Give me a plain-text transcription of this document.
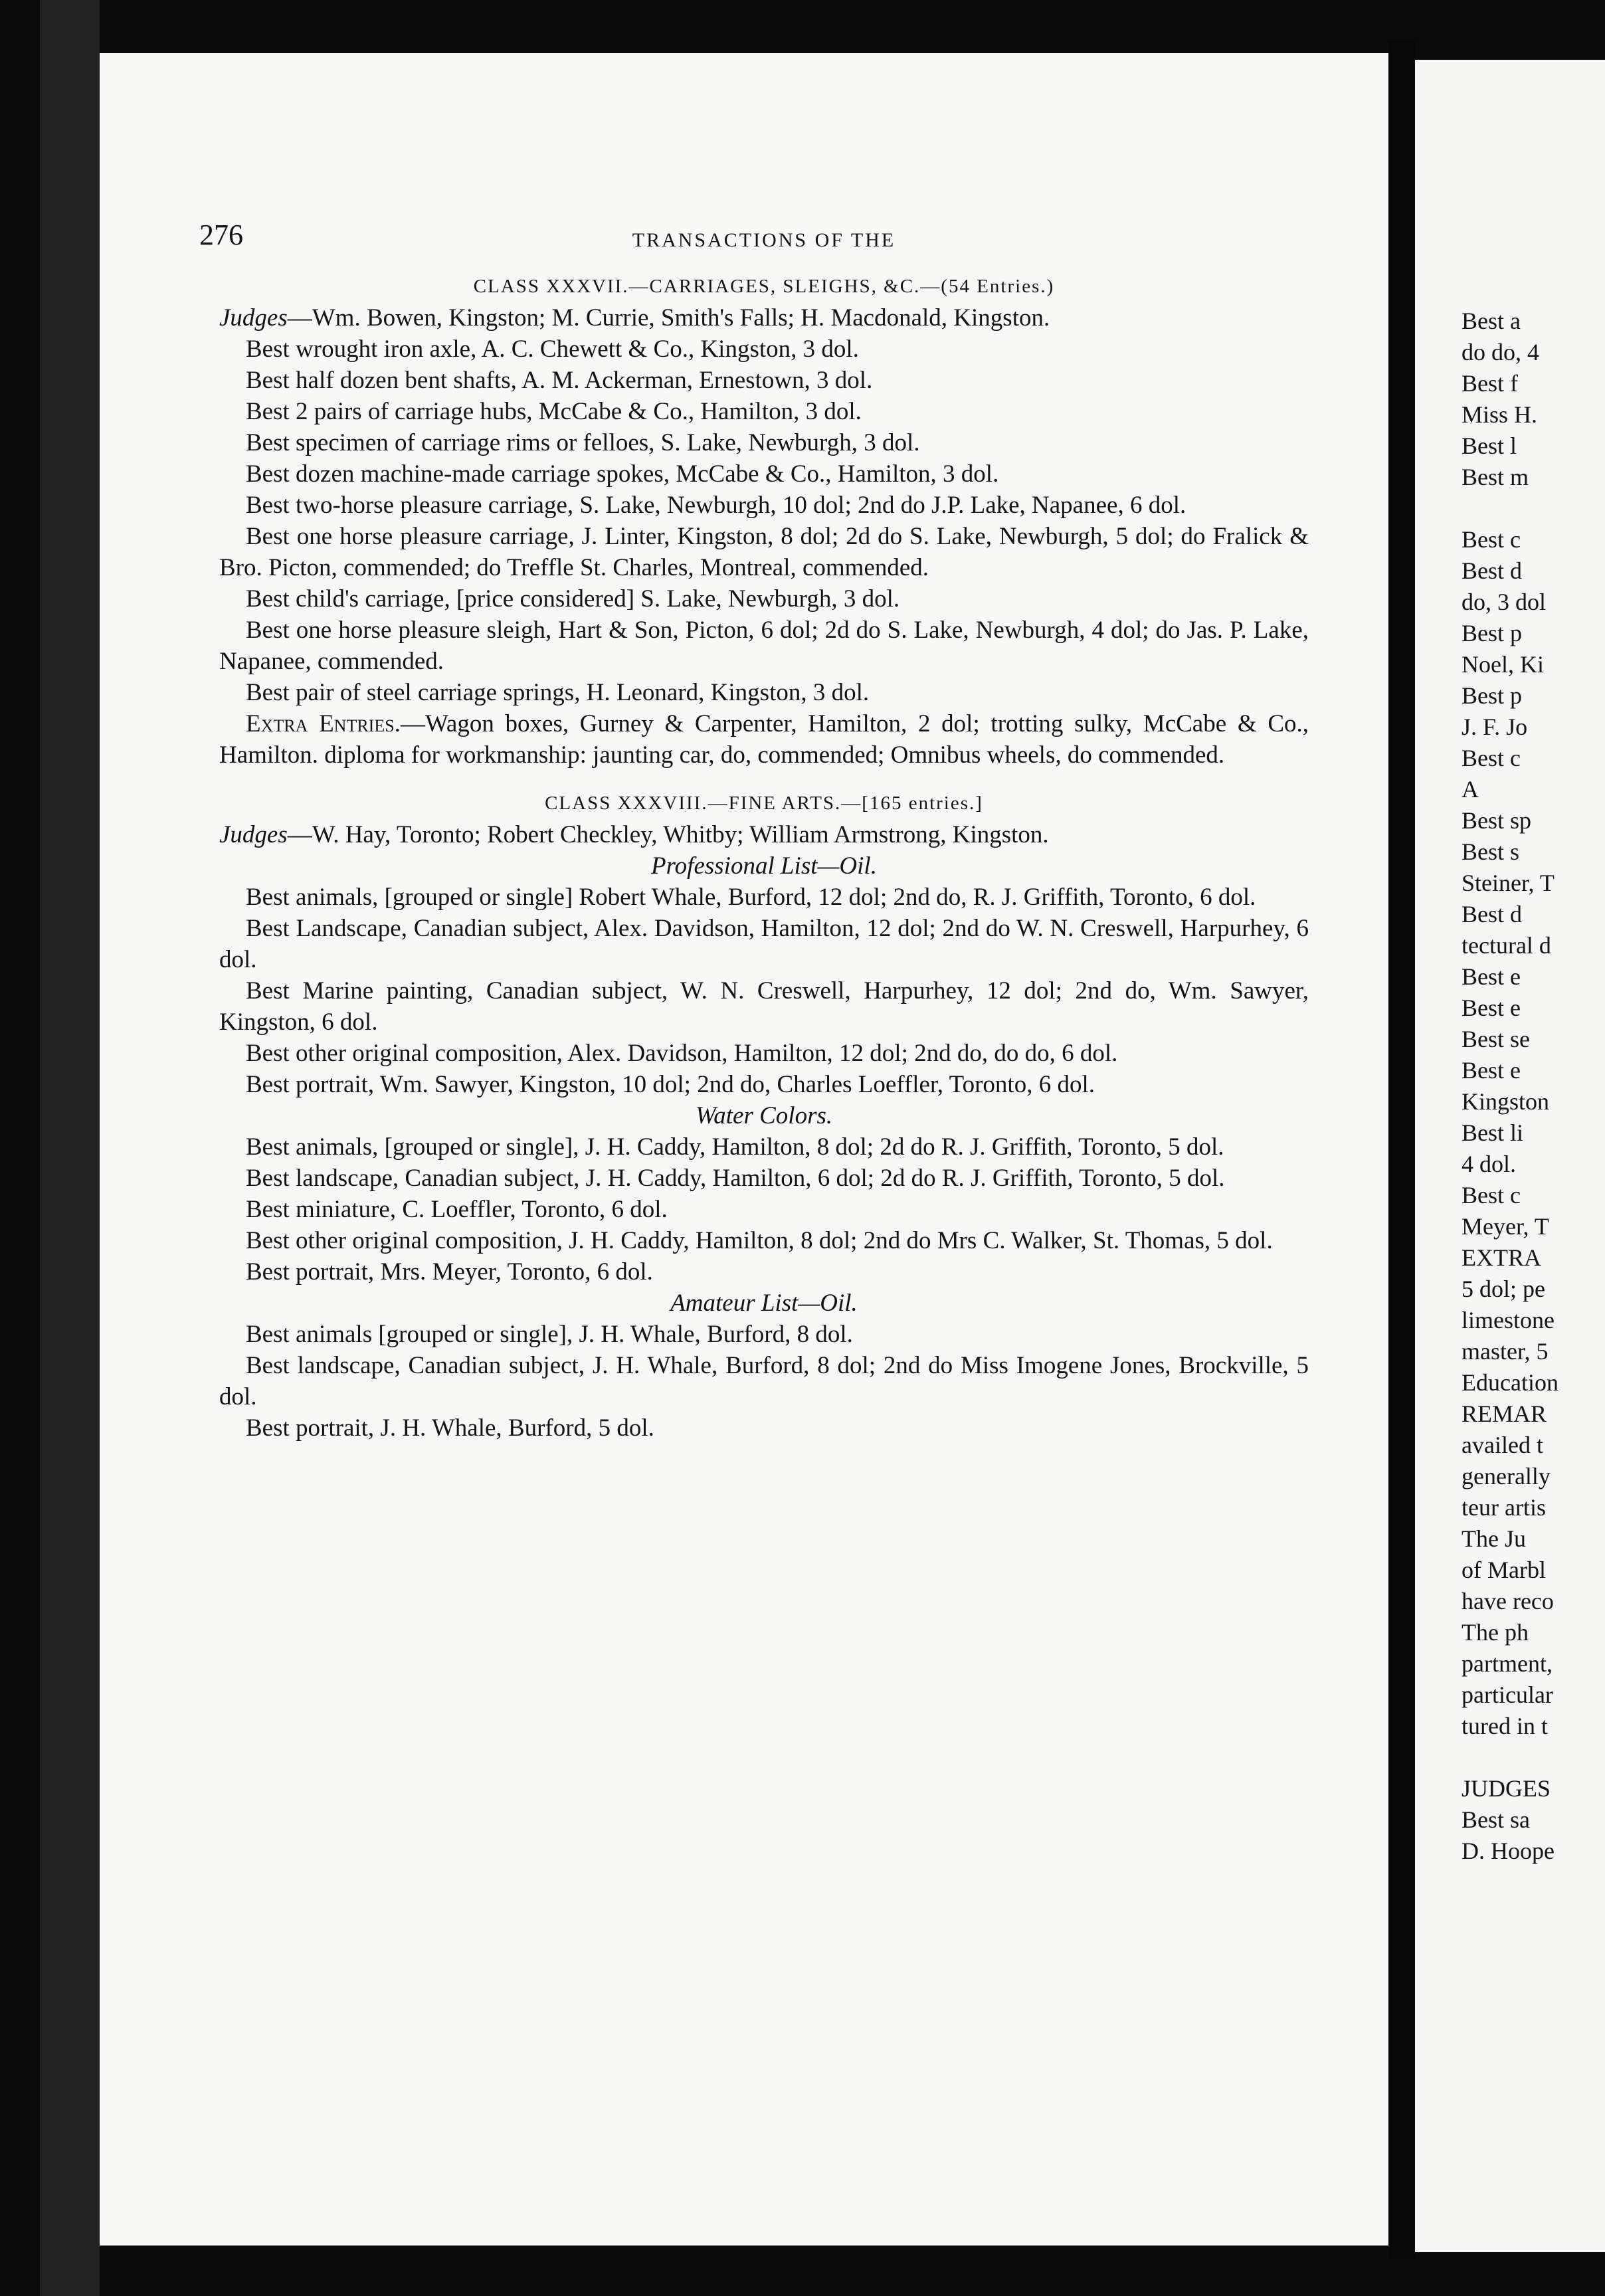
276	TRANSACTIONS OF THE

CLASS XXXVII.—CARRIAGES, SLEIGHS, &C.—(54 Entries.)

Judges—Wm. Bowen, Kingston; M. Currie, Smith's Falls; H. Macdonald, Kingston.

Best wrought iron axle, A. C. Chewett & Co., Kingston, 3 dol.

Best half dozen bent shafts, A. M. Ackerman, Ernestown, 3 dol.

Best 2 pairs of carriage hubs, McCabe & Co., Hamilton, 3 dol.

Best specimen of carriage rims or felloes, S. Lake, Newburgh, 3 dol.

Best dozen machine-made carriage spokes, McCabe & Co., Hamilton, 3 dol.

Best two-horse pleasure carriage, S. Lake, Newburgh, 10 dol; 2nd do J.P. Lake, Napanee, 6 dol.

Best one horse pleasure carriage, J. Linter, Kingston, 8 dol; 2d do S. Lake, Newburgh, 5 dol; do Fralick & Bro. Picton, commended; do Treffle St. Charles, Montreal, commended.

Best child's carriage, [price considered] S. Lake, Newburgh, 3 dol.

Best one horse pleasure sleigh, Hart & Son, Picton, 6 dol; 2d do S. Lake, Newburgh, 4 dol; do Jas. P. Lake, Napanee, commended.

Best pair of steel carriage springs, H. Leonard, Kingston, 3 dol.

Extra Entries.—Wagon boxes, Gurney & Carpenter, Hamilton, 2 dol; trotting sulky, McCabe & Co., Hamilton. diploma for workmanship: jaunting car, do, commended; Omnibus wheels, do commended.

CLASS XXXVIII.—FINE ARTS.—[165 entries.]

Judges—W. Hay, Toronto; Robert Checkley, Whitby; William Armstrong, Kingston.

Professional List—Oil.

Best animals, [grouped or single] Robert Whale, Burford, 12 dol; 2nd do, R. J. Griffith, Toronto, 6 dol.

Best Landscape, Canadian subject, Alex. Davidson, Hamilton, 12 dol; 2nd do W. N. Creswell, Harpurhey, 6 dol.

Best Marine painting, Canadian subject, W. N. Creswell, Harpurhey, 12 dol; 2nd do, Wm. Sawyer, Kingston, 6 dol.

Best other original composition, Alex. Davidson, Hamilton, 12 dol; 2nd do, do do, 6 dol.

Best portrait, Wm. Sawyer, Kingston, 10 dol; 2nd do, Charles Loeffler, Toronto, 6 dol.

Water Colors.

Best animals, [grouped or single], J. H. Caddy, Hamilton, 8 dol; 2d do R. J. Griffith, Toronto, 5 dol.

Best landscape, Canadian subject, J. H. Caddy, Hamilton, 6 dol; 2d do R. J. Griffith, Toronto, 5 dol.

Best miniature, C. Loeffler, Toronto, 6 dol.

Best other original composition, J. H. Caddy, Hamilton, 8 dol; 2nd do Mrs C. Walker, St. Thomas, 5 dol.

Best portrait, Mrs. Meyer, Toronto, 6 dol.

Amateur List—Oil.

Best animals [grouped or single], J. H. Whale, Burford, 8 dol.

Best landscape, Canadian subject, J. H. Whale, Burford, 8 dol; 2nd do Miss Imogene Jones, Brockville, 5 dol.

Best portrait, J. H. Whale, Burford, 5 dol.

Best a

do do, 4

Best f

Miss H.

Best l

Best m

Best c

Best d

do, 3 dol

Best p

Noel, Ki

Best p

J. F. Jo

Best c

A

Best sp

Best s

Steiner, T

Best d

tectural d

Best e

Best e

Best se

Best e

Kingston

Best li

4 dol.

Best c

Meyer, T

EXTRA

5 dol; pe

limestone

master, 5

Education

REMAR

availed t

generally

teur artis

The Ju

of Marbl

have reco

The ph

partment,

particular

tured in t

JUDGES

Best sa

D. Hoope
